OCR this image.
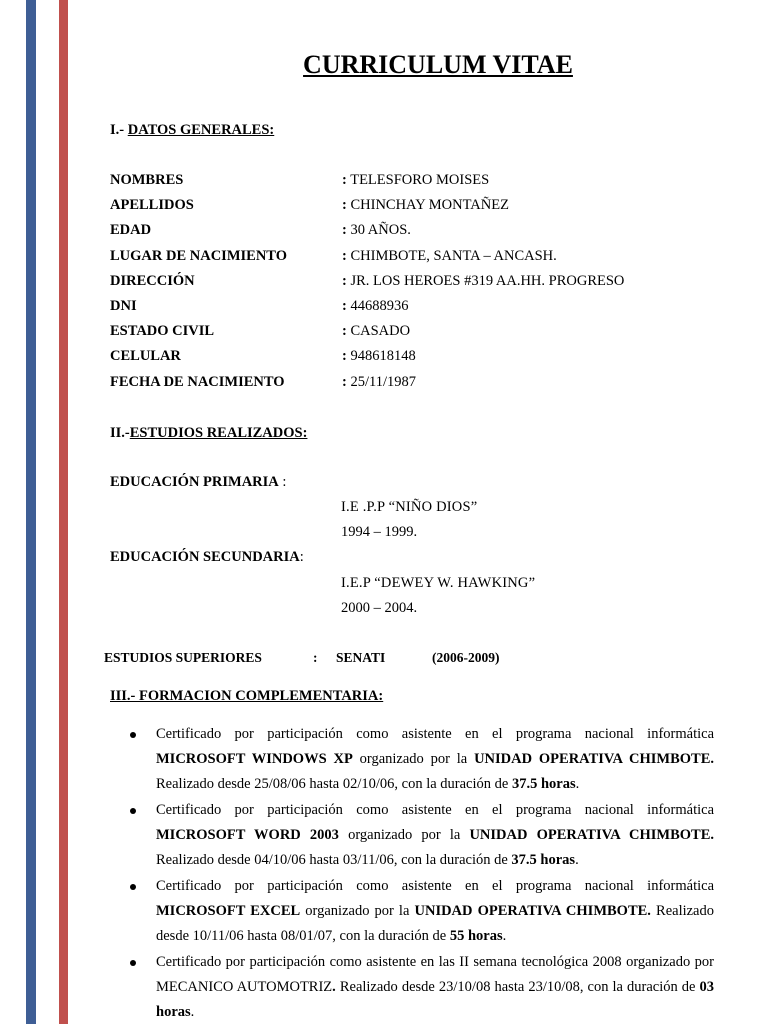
CURRICULUM VITAE
I.- DATOS GENERALES:
NOMBRES	: TELESFORO MOISES
APELLIDOS	: CHINCHAY MONTAÑEZ
EDAD	: 30 AÑOS.
LUGAR DE NACIMIENTO	: CHIMBOTE, SANTA – ANCASH.
DIRECCIÓN	: JR. LOS HEROES #319 AA.HH. PROGRESO
DNI	: 44688936
ESTADO CIVIL	: CASADO
CELULAR	: 948618148
FECHA DE NACIMIENTO	: 25/11/1987
II.-ESTUDIOS REALIZADOS:
EDUCACIÓN PRIMARIA :
I.E .P.P “NIÑO DIOS”
1994 – 1999.
EDUCACIÓN SECUNDARIA:
I.E.P “DEWEY W. HAWKING”
2000 – 2004.
ESTUDIOS SUPERIORES	: SENATI	(2006-2009)
III.- FORMACION COMPLEMENTARIA:
Certificado por participación como asistente en el programa nacional informática MICROSOFT WINDOWS XP organizado por la UNIDAD OPERATIVA CHIMBOTE. Realizado desde 25/08/06 hasta 02/10/06, con la duración de 37.5 horas.
Certificado por participación como asistente en el programa nacional informática MICROSOFT WORD 2003 organizado por la UNIDAD OPERATIVA CHIMBOTE. Realizado desde 04/10/06 hasta 03/11/06, con la duración de 37.5 horas.
Certificado por participación como asistente en el programa nacional informática MICROSOFT EXCEL organizado por la UNIDAD OPERATIVA CHIMBOTE. Realizado desde 10/11/06 hasta 08/01/07, con la duración de 55 horas.
Certificado por participación como asistente en las II semana tecnológica 2008 organizado por MECANICO AUTOMOTRIZ. Realizado desde 23/10/08 hasta 23/10/08, con la duración de 03 horas.
